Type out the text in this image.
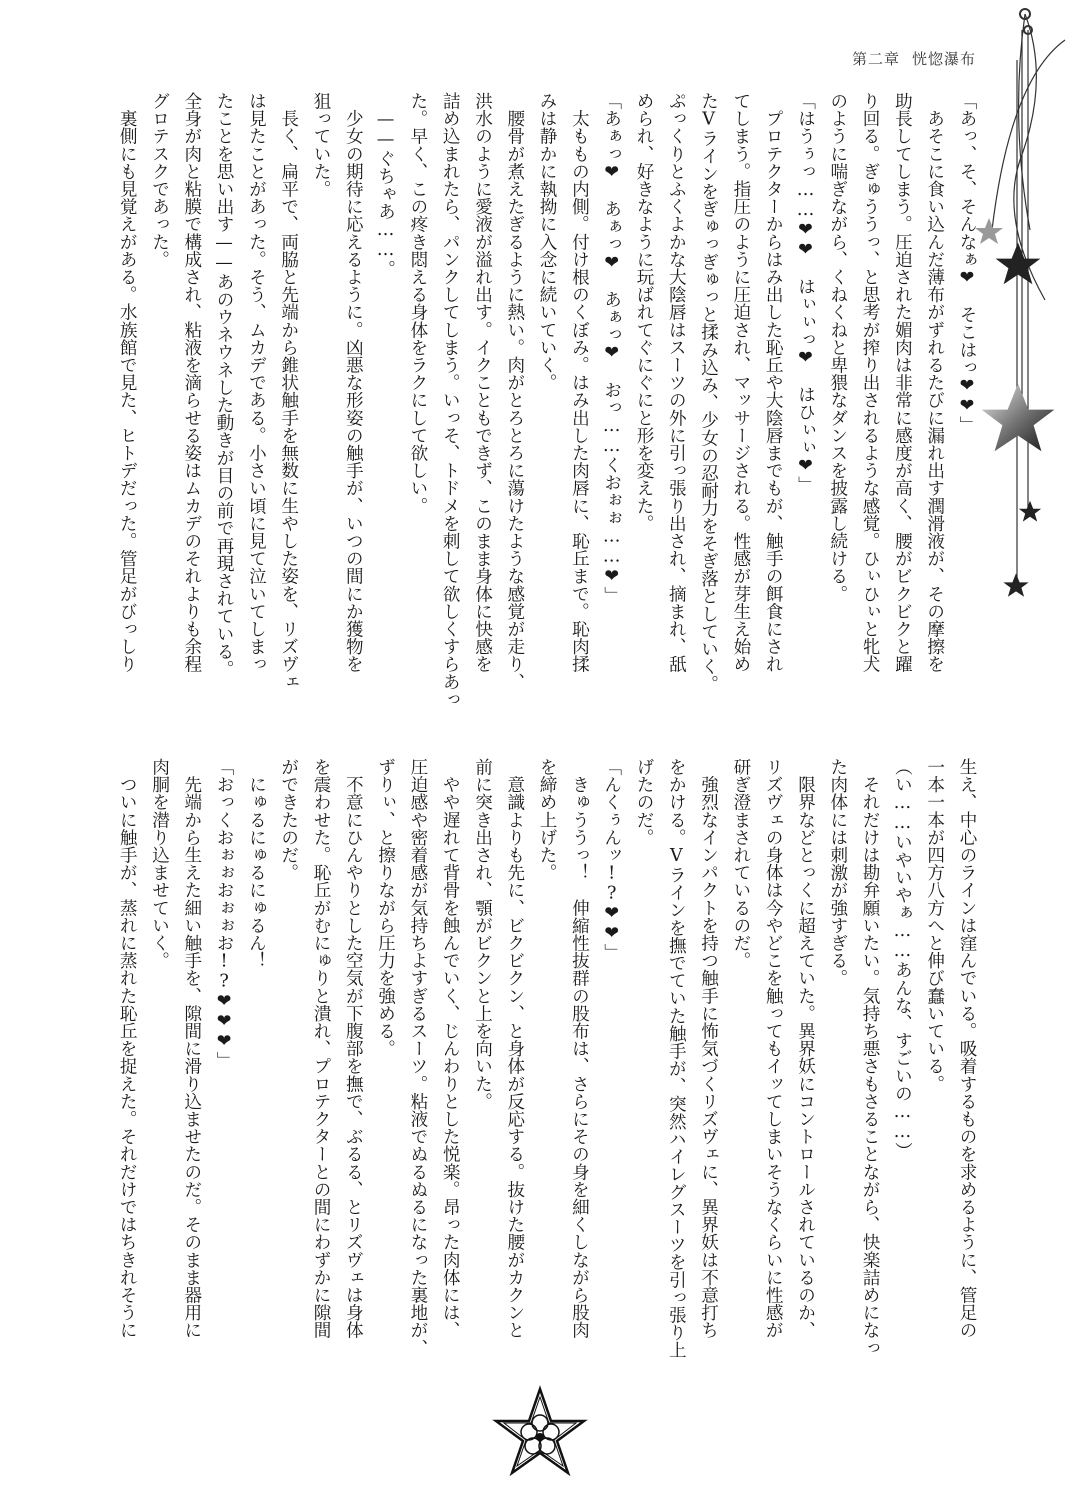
第二章 恍惚瀑布
「あっ、そ、そんなぁ❤　そこはっ❤❤」
　あそこに食い込んだ薄布がずれるたびに漏れ出す潤滑液が、その摩擦を
助長してしまう。圧迫された媚肉は非常に感度が高く、腰がビクビクと躍
り回る。ぎゅううっ、と思考が搾り出されるような感覚。ひぃひぃと牝犬
のように喘ぎながら、くねくねと卑猥なダンスを披露し続ける。
「はうぅっ……❤❤　はぃぃっ❤　はひぃぃ❤」
　プロテクターからはみ出した恥丘や大陰唇までもが、触手の餌食にされ
てしまう。指圧のように圧迫され、マッサージされる。性感が芽生え始め
たVラインをぎゅっぎゅっと揉み込み、少女の忍耐力をそぎ落としていく。
ぷっくりとふくよかな大陰唇はスーツの外に引っ張り出され、摘まれ、舐
められ、好きなように玩ばれてぐにぐにと形を変えた。
「あぁっ❤　あぁっ❤　あぁっ❤　おっ……くおぉぉ……❤」
　太ももの内側。付け根のくぼみ。はみ出した肉唇に、恥丘まで。恥肉揉
みは静かに執拗に入念に続いていく。
　腰骨が煮えたぎるように熱い。肉がとろとろに蕩けたような感覚が走り、
洪水のように愛液が溢れ出す。イクこともできず、このまま身体に快感を
詰め込まれたら、パンクしてしまう。いっそ、トドメを刺して欲しくすらあっ
た。早く、この疼き悶える身体をラクにして欲しい。
　——ぐちゃあ……。
　少女の期待に応えるように。凶悪な形姿の触手が、いつの間にか獲物を
狙っていた。
　長く、扁平で、両脇と先端から錐状触手を無数に生やした姿を、リズヴェ
は見たことがあった。そう、ムカデである。小さい頃に見て泣いてしまっ
たことを思い出す——あのウネウネした動きが目の前で再現されている。
全身が肉と粘膜で構成され、粘液を滴らせる姿はムカデのそれよりも余程
グロテスクであった。
　裏側にも見覚えがある。水族館で見た、ヒトデだった。管足がびっしり
生え、中心のラインは窪んでいる。吸着するものを求めるように、管足の
一本一本が四方八方へと伸び蠢いている。
（い……いやいやぁ……あんな、すごいの……）
　それだけは勘弁願いたい。気持ち悪さもさることながら、快楽詰めになっ
た肉体には刺激が強すぎる。
　限界などとっくに超えていた。異界妖にコントロールされているのか、
リズヴェの身体は今やどこを触ってもイッてしまいそうなくらいに性感が
研ぎ澄まされているのだ。
　強烈なインパクトを持つ触手に怖気づくリズヴェに、異界妖は不意打ち
をかける。Vラインを撫でていた触手が、突然ハイレグスーツを引っ張り上
げたのだ。
「んくぅんッ!?❤❤」
　きゅううっ！　伸縮性抜群の股布は、さらにその身を細くしながら股肉
を締め上げた。
　意識よりも先に、ビクビクン、と身体が反応する。抜けた腰がカクンと
前に突き出され、顎がビクンと上を向いた。
　やや遅れて背骨を蝕んでいく、じんわりとした悦楽。昂った肉体には、
圧迫感や密着感が気持ちよすぎるスーツ。粘液でぬるぬるになった裏地が、
ずりぃ、と擦りながら圧力を強める。
　不意にひんやりとした空気が下腹部を撫で、ぶるる、とリズヴェは身体
を震わせた。恥丘がむにゅりと潰れ、プロテクターとの間にわずかに隙間
ができたのだ。
　にゅるにゅるにゅるん！
「おっくおぉぉおぉぉお!?❤❤❤」
　先端から生えた細い触手を、隙間に滑り込ませたのだ。そのまま器用に
肉胴を潜り込ませていく。
　ついに触手が、蒸れに蒸れた恥丘を捉えた。それだけではちきれそうに
